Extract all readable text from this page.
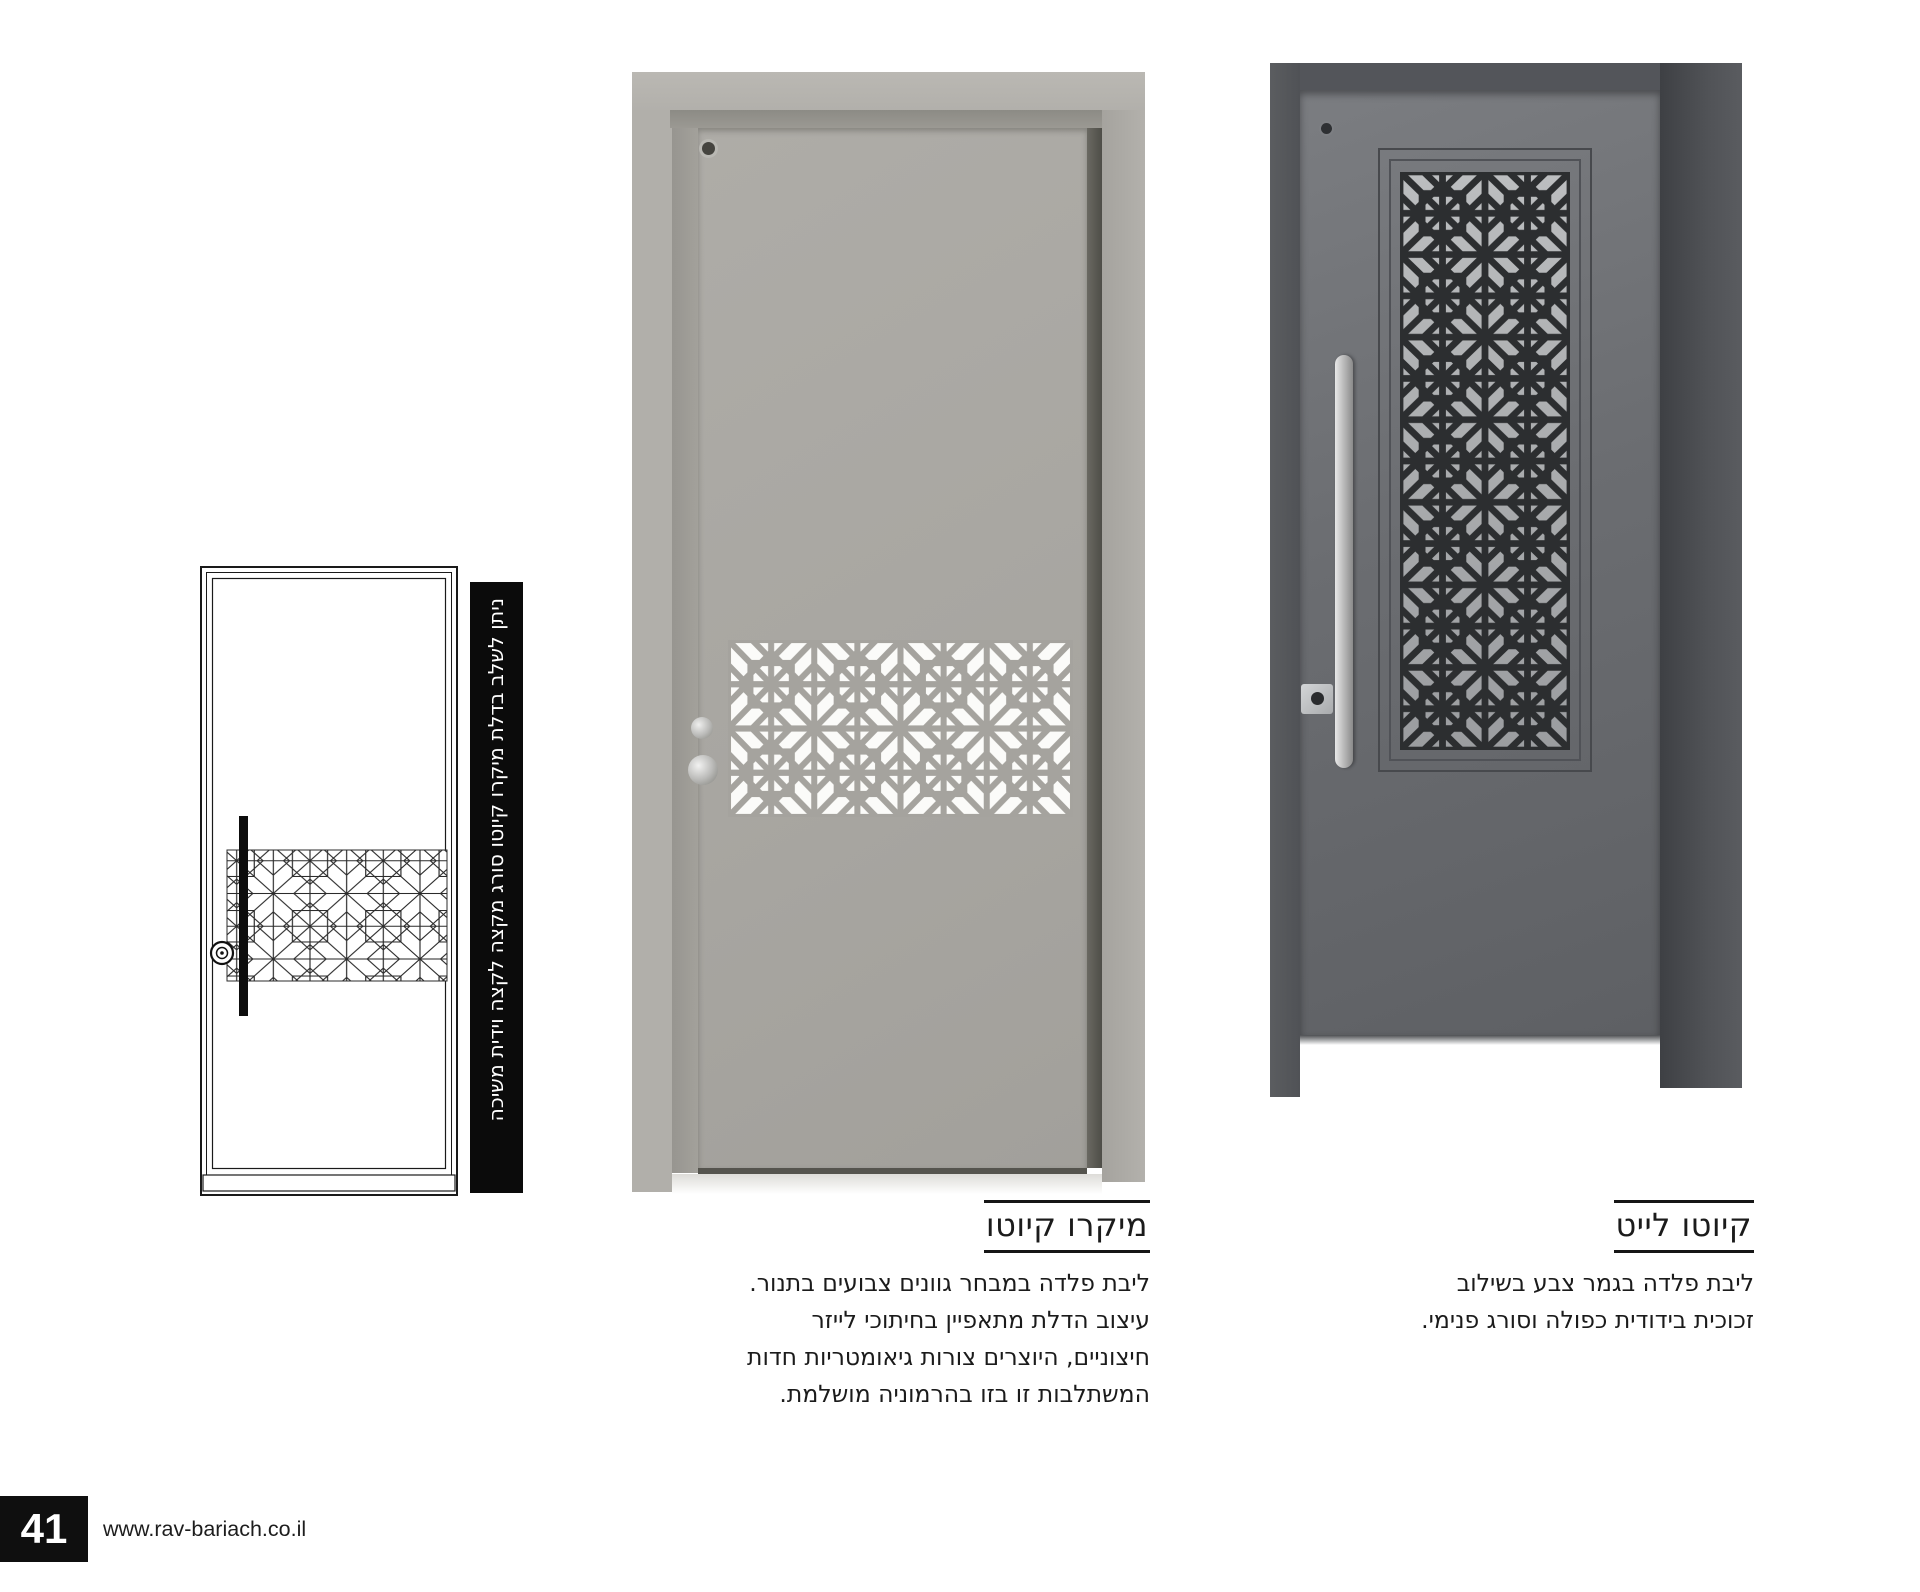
ניתן לשלב בדלת מיקרו קיוטו סורג מקצה לקצה וידית משיכה
מיקרו קיוטו
ליבת פלדה במבחר גוונים צבועים בתנור.
עיצוב הדלת מתאפיין בחיתוכי לייזר
חיצוניים, היוצרים צורות גיאומטריות חדות
המשתלבות זו בזו בהרמוניה מושלמת.
קיוטו לייט
ליבת פלדה בגמר צבע בשילוב
זכוכית בידודית כפולה וסורג פנימי.
41 www.rav-bariach.co.il
